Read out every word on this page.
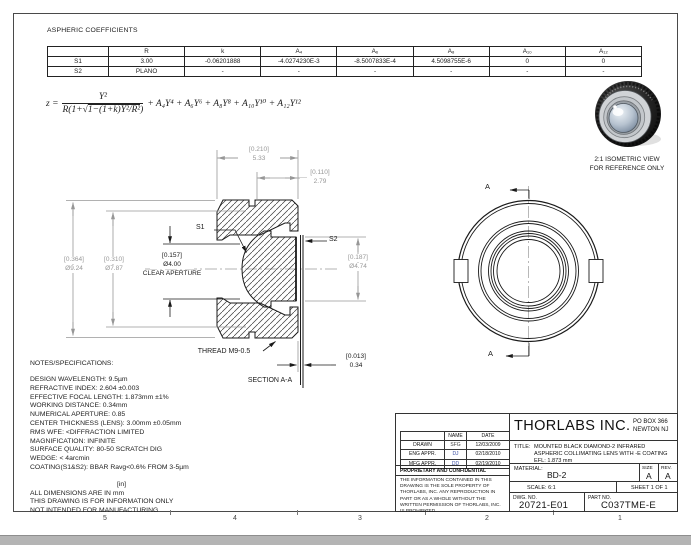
ASPHERIC COEFFICIENTS
	R	k	A₄	A₆	A₈	A₁₀	A₁₂
S1	3.00	-0.06201888	-4.0274230E-3	-8.5007833E-4	4.5098755E-6	0	0
S2	PLANO	-	-	-	-	-	-
$z = \frac{\text{Y²}}{\text{R(1+√1−(1+k)Y²/R²)}} + A_4Y^4 + A_6Y^6 + A_8Y^8 + A_{10}Y^{10} + A_{12}Y^{12}$
[0.210]
5.33
[0.110]
2.79
[0.364]
Ø9.24
[0.310]
Ø7.87
[0.157]
Ø4.00
CLEAR APERTURE
[0.187]
Ø4.74
[0.013]
0.34
S1
S2
THREAD M9-0.5
SECTION A-A
A
A
2:1 ISOMETRIC VIEW
FOR REFERENCE ONLY
NOTES/SPECIFICATIONS:
DESIGN WAVELENGTH: 9.5µm
REFRACTIVE INDEX: 2.604 ±0.003
EFFECTIVE FOCAL LENGTH: 1.873mm ±1%
WORKING DISTANCE: 0.34mm
NUMERICAL APERTURE: 0.85
CENTER THICKNESS (LENS): 3.00mm ±0.05mm
RMS WFE: <DIFFRACTION LIMITED
MAGNIFICATION: INFINITE
SURFACE QUALITY: 80-50 SCRATCH DIG
WEDGE: < 4arcmin
COATING(S1&S2): BBAR Ravg<0.6% FROM 3-5µm
[in]
ALL DIMENSIONS ARE IN mm
THIS DRAWING IS FOR INFORMATION ONLY
NOT INTENDED FOR MANUFACTURING
	NAME	DATE
DRAWN	SFG	12/03/2009
ENG APPR.	DJ	02/18/2010
MFG APPR.	DD	02/19/2010
PROPRIETARY AND CONFIDENTIAL
THE INFORMATION CONTAINED IN THIS DRAWING IS THE SOLE PROPERTY OF THORLABS, INC. ANY REPRODUCTION IN PART OR AS A WHOLE WITHOUT THE WRITTEN PERMISSION OF THORLABS, INC. IS PROHIBITED.
THORLABS INC. PO BOX 366
NEWTON NJ
TITLE: MOUNTED BLACK DIAMOND-2 INFRARED
ASPHERIC COLLIMATING LENS WITH -E COATING
EFL: 1.873 mm
MATERIAL:
BD-2
SIZE
A
REV.
A
SCALE: 6:1	SHEET 1 OF 1
DWG. NO.
20721-E01
PART NO.
C037TME-E
5	4	3	2	1
